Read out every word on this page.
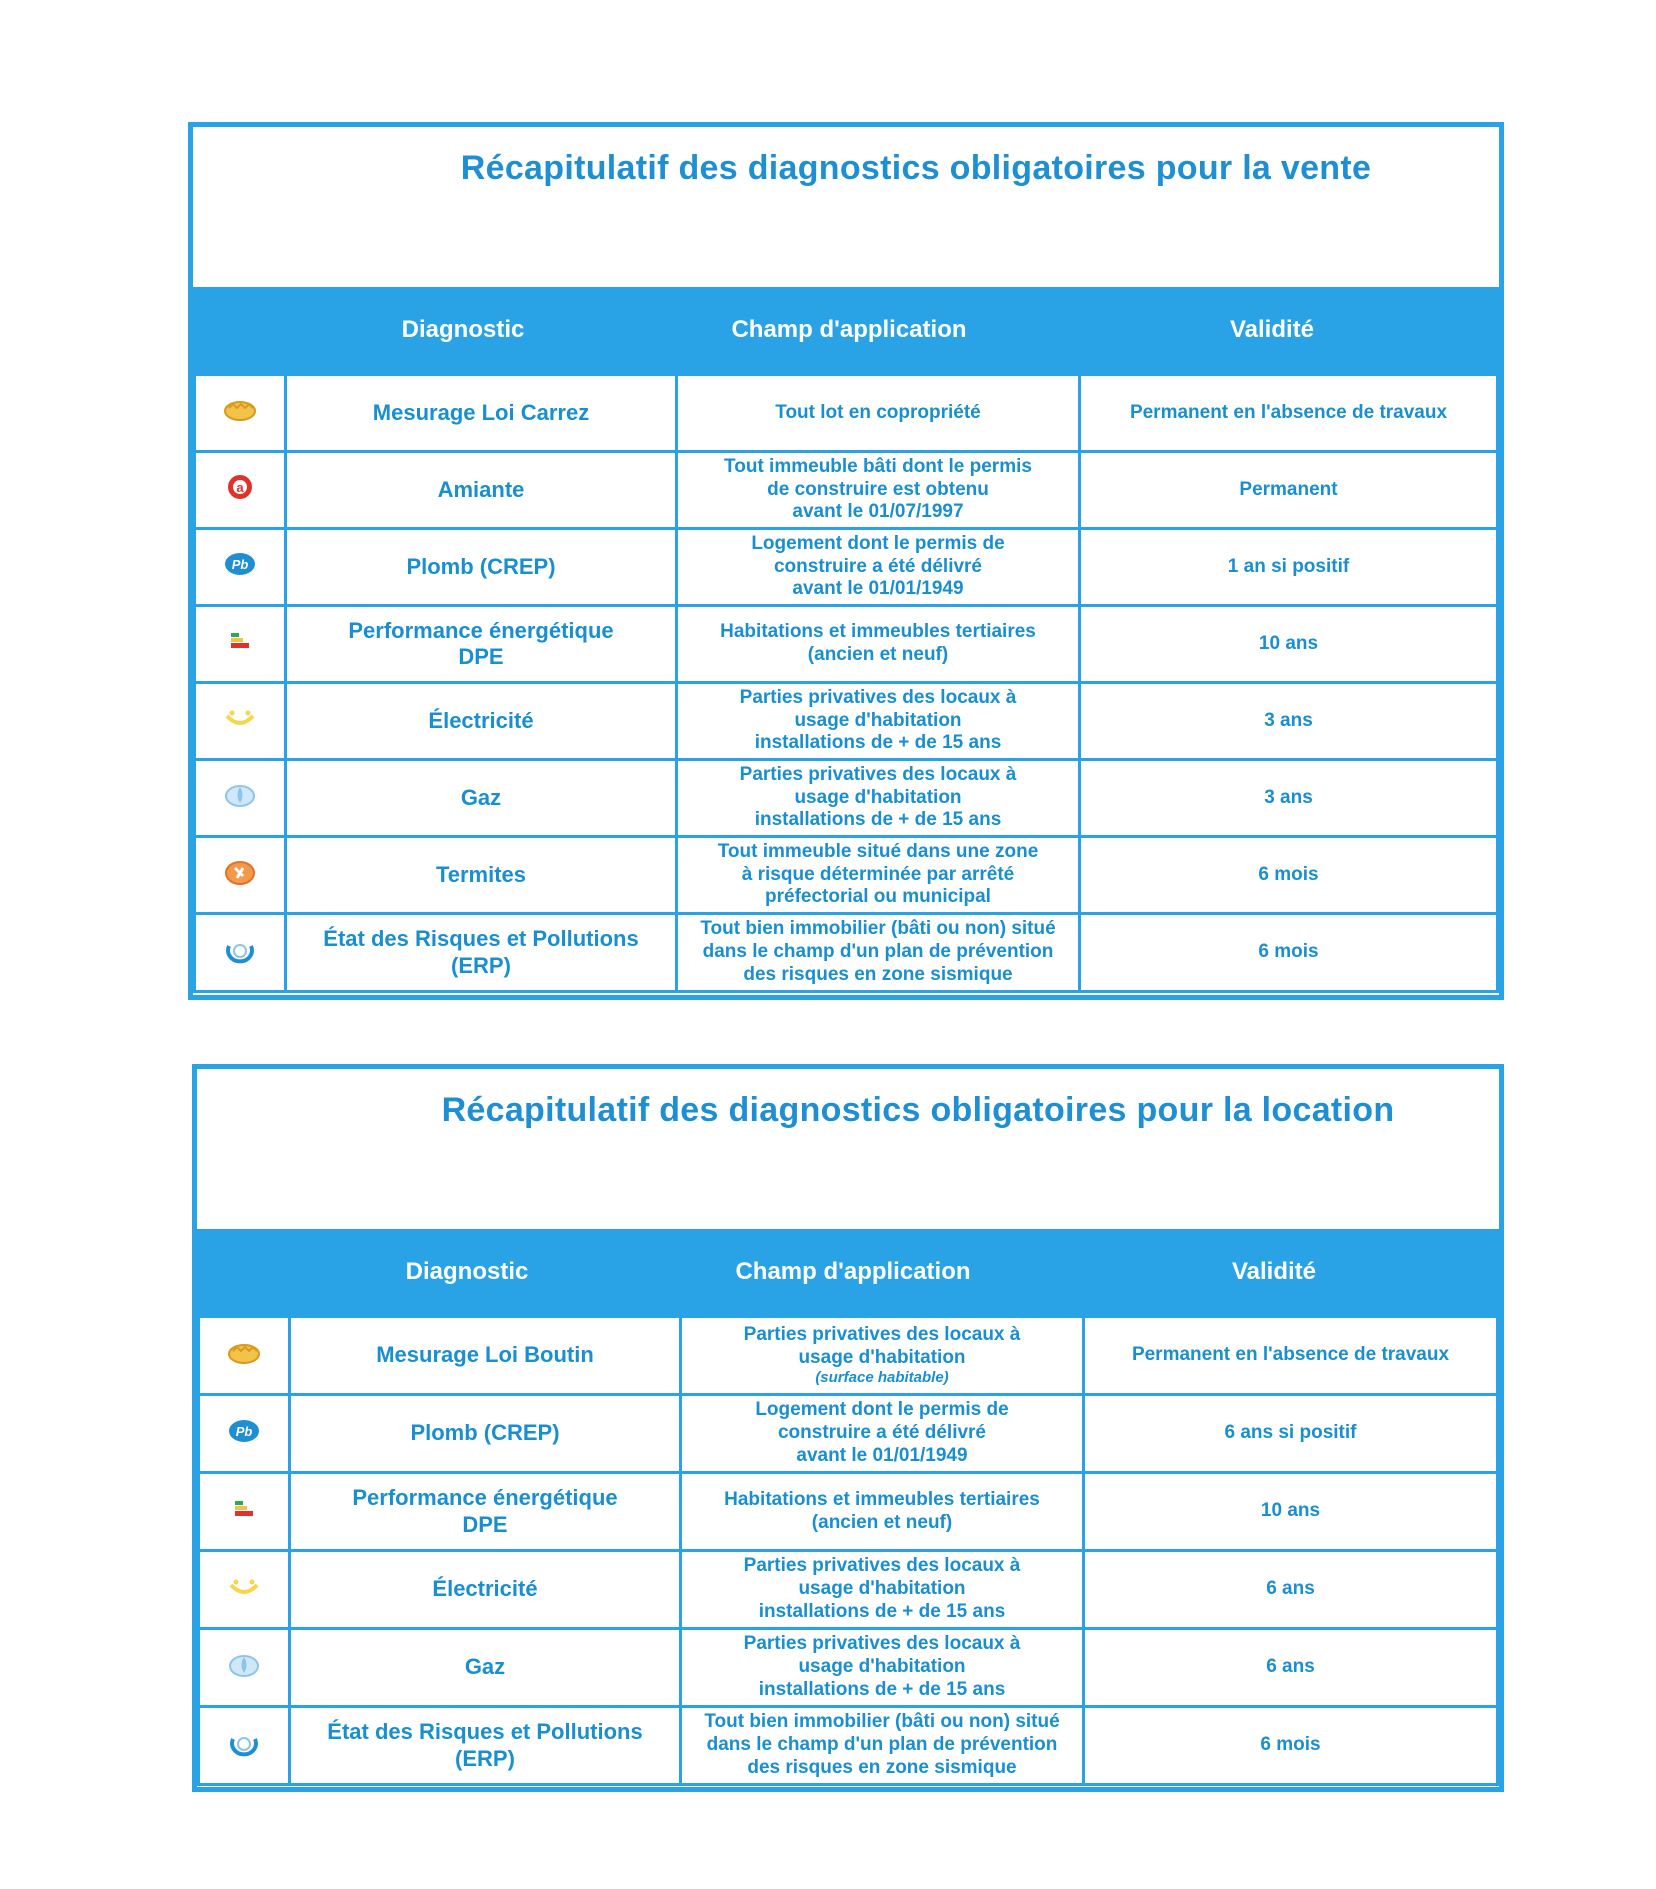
Récapitulatif des diagnostics obligatoires pour la vente
Diagnostic	Champ d'application	Validité

Mesurage Loi Carrez	Tout lot en copropriété	Permanent en l'absence de travaux

a	Amiante	Tout immeuble bâti dont le permis
de construire est obtenu
avant le 01/07/1997	Permanent

Pb	Plomb (CREP)	Logement dont le permis de
construire a été délivré
avant le 01/01/1949	1 an si positif

Performance énergétique
DPE	Habitations et immeubles tertiaires
(ancien et neuf)	10 ans

Électricité	Parties privatives des locaux à
usage d'habitation
installations de + de 15 ans	3 ans

Gaz	Parties privatives des locaux à
usage d'habitation
installations de + de 15 ans	3 ans

Termites	Tout immeuble situé dans une zone
à risque déterminée par arrêté
préfectorial ou municipal	6 mois

État des Risques et Pollutions (ERP)	Tout bien immobilier (bâti ou non) situé
dans le champ d'un plan de prévention
des risques en zone sismique	6 mois
Récapitulatif des diagnostics obligatoires pour la location
Diagnostic	Champ d'application	Validité

Mesurage Loi Boutin	Parties privatives des locaux à
usage d'habitation
(surface habitable)	Permanent en l'absence de travaux

Pb	Plomb (CREP)	Logement dont le permis de
construire a été délivré
avant le 01/01/1949	6 ans si positif

Performance énergétique
DPE	Habitations et immeubles tertiaires
(ancien et neuf)	10 ans

Électricité	Parties privatives des locaux à
usage d'habitation
installations de + de 15 ans	6 ans

Gaz	Parties privatives des locaux à
usage d'habitation
installations de + de 15 ans	6 ans

État des Risques et Pollutions (ERP)	Tout bien immobilier (bâti ou non) situé
dans le champ d'un plan de prévention
des risques en zone sismique	6 mois
